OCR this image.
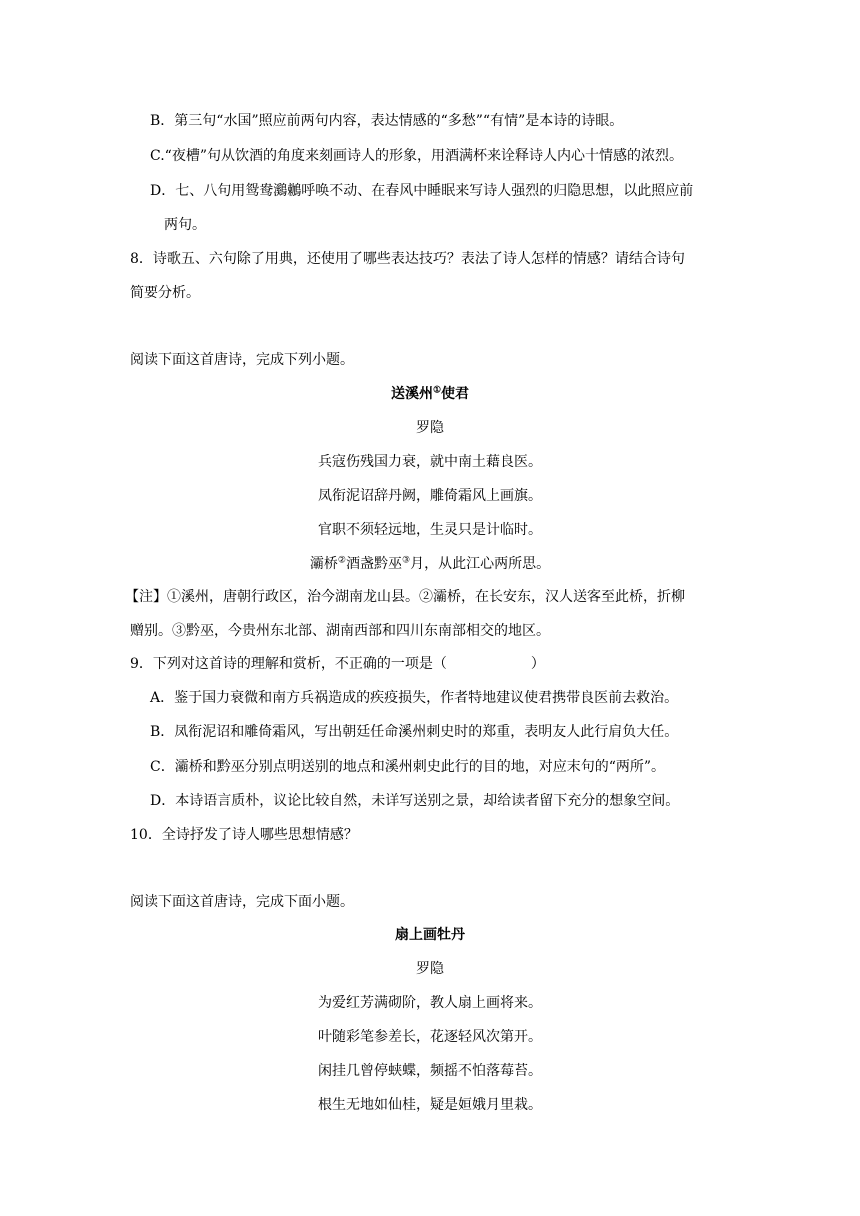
B．第三句“水国”照应前两句内容，表达情感的“多愁”“有情”是本诗的诗眼。
C.“夜槽”句从饮酒的角度来刻画诗人的形象，用酒满杯来诠释诗人内心十情感的浓烈。
D．七、八句用鸳鸯鸂鶒呼唤不动、在春风中睡眠来写诗人强烈的归隐思想，以此照应前
两句。
8．诗歌五、六句除了用典，还使用了哪些表达技巧？表法了诗人怎样的情感？请结合诗句
简要分析。
阅读下面这首唐诗，完成下列小题。
送溪州①使君
罗隐
兵寇伤残国力衰，就中南土藉良医。
凤衔泥诏辞丹阙，雕倚霜风上画旗。
官职不须轻远地，生灵只是计临时。
灞桥②酒盏黔巫③月，从此江心两所思。
【注】①溪州，唐朝行政区，治今湖南龙山县。②灞桥，在长安东，汉人送客至此桥，折柳
赠别。③黔巫，今贵州东北部、湖南西部和四川东南部相交的地区。
9．下列对这首诗的理解和赏析，不正确的一项是（	）
A．鉴于国力衰微和南方兵祸造成的疾疫损失，作者特地建议使君携带良医前去救治。
B．凤衔泥诏和雕倚霜风，写出朝廷任命溪州刺史时的郑重，表明友人此行肩负大任。
C．灞桥和黔巫分别点明送别的地点和溪州刺史此行的目的地，对应末句的“两所”。
D．本诗语言质朴，议论比较自然，未详写送别之景，却给读者留下充分的想象空间。
10．全诗抒发了诗人哪些思想情感？
阅读下面这首唐诗，完成下面小题。
扇上画牡丹
罗隐
为爱红芳满砌阶，教人扇上画将来。
叶随彩笔参差长，花逐轻风次第开。
闲挂几曾停蛱蝶，频摇不怕落莓苔。
根生无地如仙桂，疑是姮娥月里栽。
